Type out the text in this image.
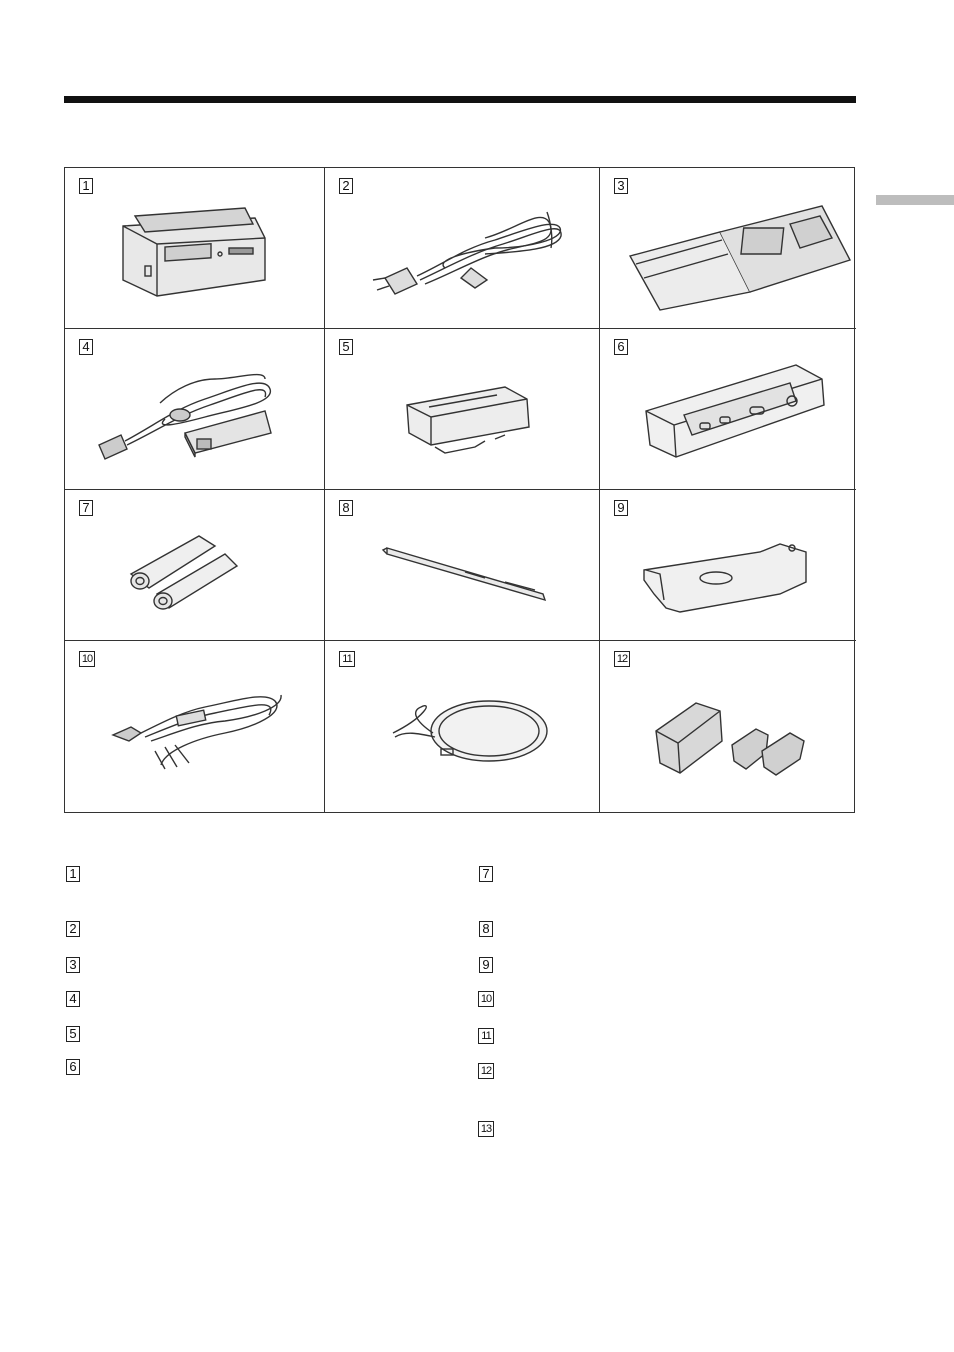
1	2	3
4	5	6
7	8	9
10	11	12
1
2
3
4
5
6
7
8
9
10
11
12
13
